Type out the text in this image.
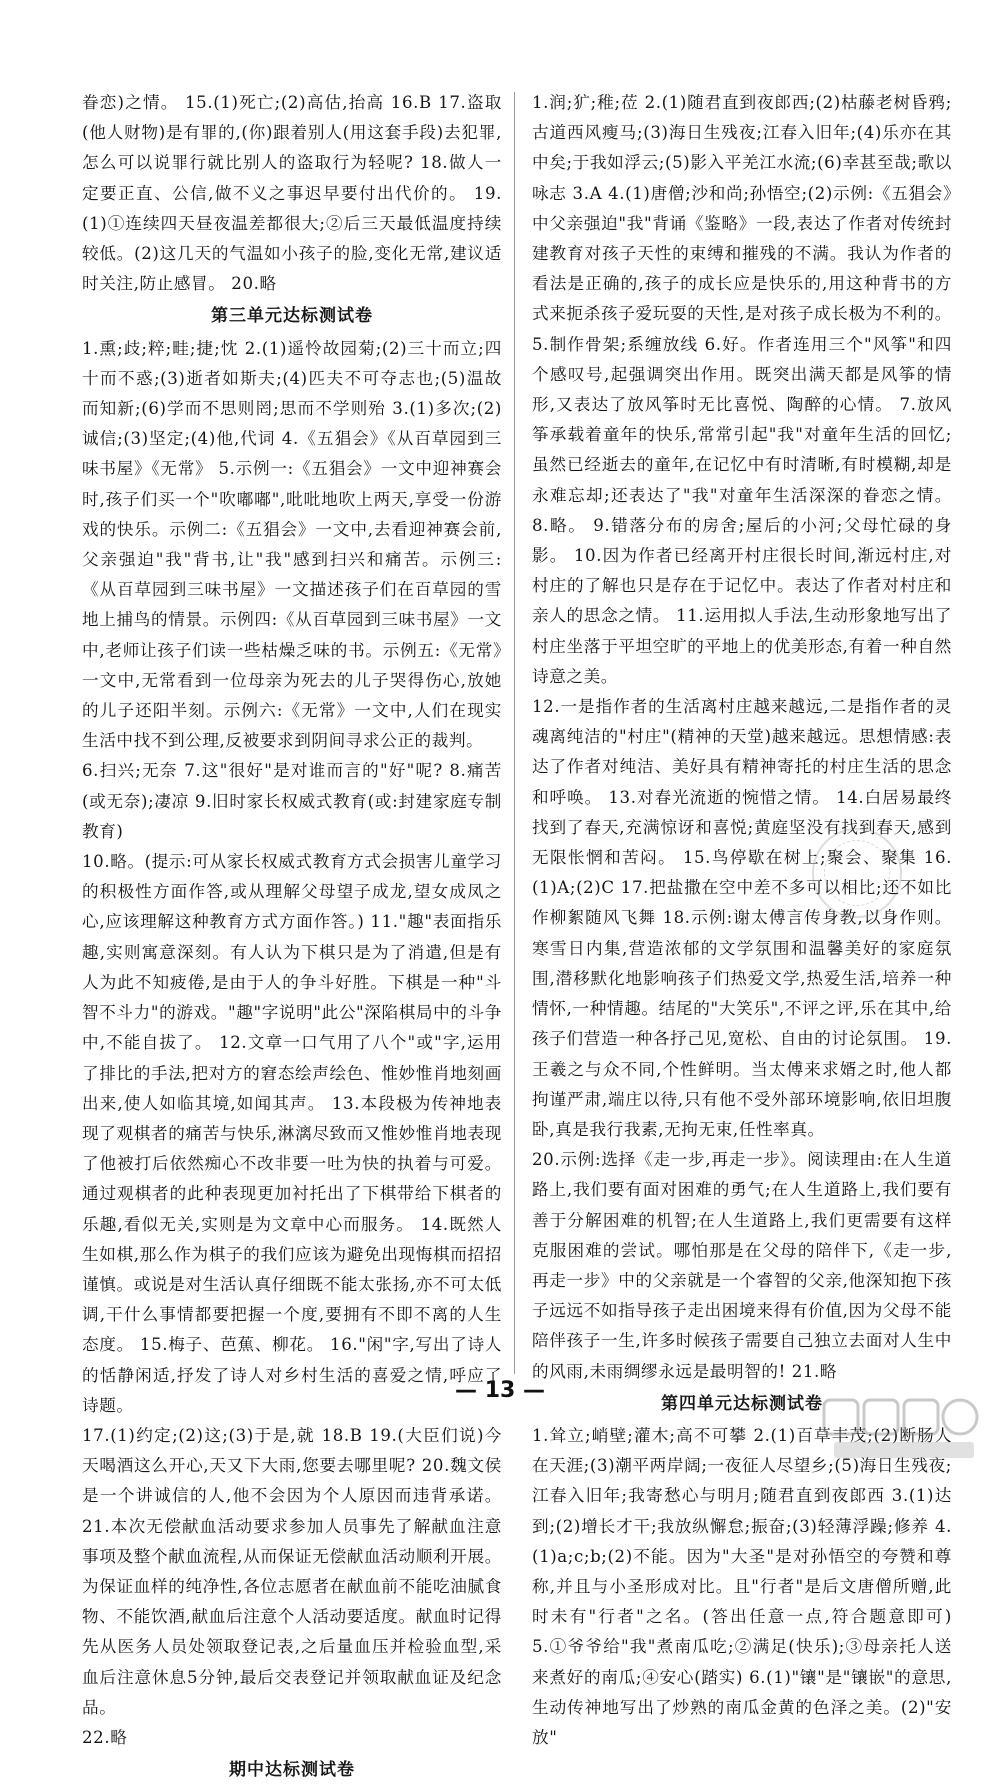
眷恋)之情。 15.(1)死亡;(2)高估,抬高 16.B 17.盗取(他人财物)是有罪的,(你)跟着别人(用这套手段)去犯罪,怎么可以说罪行就比别人的盗取行为轻呢? 18.做人一定要正直、公信,做不义之事迟早要付出代价的。 19.(1)①连续四天昼夜温差都很大;②后三天最低温度持续较低。(2)这几天的气温如小孩子的脸,变化无常,建议适时关注,防止感冒。 20.略

第三单元达标测试卷

1.熏;歧;粹;畦;捷;忱 2.(1)遥怜故园菊;(2)三十而立;四十而不惑;(3)逝者如斯夫;(4)匹夫不可夺志也;(5)温故而知新;(6)学而不思则罔;思而不学则殆 3.(1)多次;(2)诚信;(3)坚定;(4)他,代词 4.《五猖会》《从百草园到三味书屋》《无常》 5.示例一:《五猖会》一文中迎神赛会时,孩子们买一个"吹嘟嘟",吡吡地吹上两天,享受一份游戏的快乐。示例二:《五猖会》一文中,去看迎神赛会前,父亲强迫"我"背书,让"我"感到扫兴和痛苦。示例三:《从百草园到三味书屋》一文描述孩子们在百草园的雪地上捕鸟的情景。示例四:《从百草园到三味书屋》一文中,老师让孩子们读一些枯燥乏味的书。示例五:《无常》一文中,无常看到一位母亲为死去的儿子哭得伤心,放她的儿子还阳半刻。示例六:《无常》一文中,人们在现实生活中找不到公理,反被要求到阴间寻求公正的裁判。

6.扫兴;无奈 7.这"很好"是对谁而言的"好"呢? 8.痛苦(或无奈);凄凉 9.旧时家长权威式教育(或:封建家庭专制教育)

10.略。(提示:可从家长权威式教育方式会损害儿童学习的积极性方面作答,或从理解父母望子成龙,望女成凤之心,应该理解这种教育方式方面作答。) 11."趣"表面指乐趣,实则寓意深刻。有人认为下棋只是为了消遣,但是有人为此不知疲倦,是由于人的争斗好胜。下棋是一种"斗智不斗力"的游戏。"趣"字说明"此公"深陷棋局中的斗争中,不能自拔了。 12.文章一口气用了八个"或"字,运用了排比的手法,把对方的窘态绘声绘色、惟妙惟肖地刻画出来,使人如临其境,如闻其声。 13.本段极为传神地表现了观棋者的痛苦与快乐,淋漓尽致而又惟妙惟肖地表现了他被打后依然痴心不改非要一吐为快的执着与可爱。通过观棋者的此种表现更加衬托出了下棋带给下棋者的乐趣,看似无关,实则是为文章中心而服务。 14.既然人生如棋,那么作为棋子的我们应该为避免出现悔棋而招招谨慎。或说是对生活认真仔细既不能太张扬,亦不可太低调,干什么事情都要把握一个度,要拥有不即不离的人生态度。 15.梅子、芭蕉、柳花。 16."闲"字,写出了诗人的恬静闲适,抒发了诗人对乡村生活的喜爱之情,呼应了诗题。

17.(1)约定;(2)这;(3)于是,就 18.B 19.(大臣们说)今天喝酒这么开心,天又下大雨,您要去哪里呢? 20.魏文侯是一个讲诚信的人,他不会因为个人原因而违背承诺。 21.本次无偿献血活动要求参加人员事先了解献血注意事项及整个献血流程,从而保证无偿献血活动顺利开展。为保证血样的纯净性,各位志愿者在献血前不能吃油腻食物、不能饮酒,献血后注意个人活动要适度。献血时记得先从医务人员处领取登记表,之后量血压并检验血型,采血后注意休息5分钟,最后交表登记并领取献血证及纪念品。

22.略

期中达标测试卷

1.润;犷;稚;莅 2.(1)随君直到夜郎西;(2)枯藤老树昏鸦;古道西风瘦马;(3)海日生残夜;江春入旧年;(4)乐亦在其中矣;于我如浮云;(5)影入平羌江水流;(6)幸甚至哉;歌以咏志 3.A 4.(1)唐僧;沙和尚;孙悟空;(2)示例:《五猖会》中父亲强迫"我"背诵《鉴略》一段,表达了作者对传统封建教育对孩子天性的束缚和摧残的不满。我认为作者的看法是正确的,孩子的成长应是快乐的,用这种背书的方式来扼杀孩子爱玩耍的天性,是对孩子成长极为不利的。 5.制作骨架;系缠放线 6.好。作者连用三个"风筝"和四个感叹号,起强调突出作用。既突出满天都是风筝的情形,又表达了放风筝时无比喜悦、陶醉的心情。 7.放风筝承载着童年的快乐,常常引起"我"对童年生活的回忆;虽然已经逝去的童年,在记忆中有时清晰,有时模糊,却是永难忘却;还表达了"我"对童年生活深深的眷恋之情。 8.略。 9.错落分布的房舍;屋后的小河;父母忙碌的身影。 10.因为作者已经离开村庄很长时间,渐远村庄,对村庄的了解也只是存在于记忆中。表达了作者对村庄和亲人的思念之情。 11.运用拟人手法,生动形象地写出了村庄坐落于平坦空旷的平地上的优美形态,有着一种自然诗意之美。

12.一是指作者的生活离村庄越来越远,二是指作者的灵魂离纯洁的"村庄"(精神的天堂)越来越远。思想情感:表达了作者对纯洁、美好具有精神寄托的村庄生活的思念和呼唤。 13.对春光流逝的惋惜之情。 14.白居易最终找到了春天,充满惊讶和喜悦;黄庭坚没有找到春天,感到无限怅惘和苦闷。 15.鸟停歇在树上;聚会、聚集 16.(1)A;(2)C 17.把盐撒在空中差不多可以相比;还不如比作柳絮随风飞舞 18.示例:谢太傅言传身教,以身作则。寒雪日内集,营造浓郁的文学氛围和温馨美好的家庭氛围,潜移默化地影响孩子们热爱文学,热爱生活,培养一种情怀,一种情趣。结尾的"大笑乐",不评之评,乐在其中,给孩子们营造一种各抒己见,宽松、自由的讨论氛围。 19.王羲之与众不同,个性鲜明。当太傅来求婿之时,他人都拘谨严肃,端庄以待,只有他不受外部环境影响,依旧坦腹卧,真是我行我素,无拘无束,任性率真。

20.示例:选择《走一步,再走一步》。阅读理由:在人生道路上,我们要有面对困难的勇气;在人生道路上,我们要有善于分解困难的机智;在人生道路上,我们更需要有这样克服困难的尝试。哪怕那是在父母的陪伴下,《走一步,再走一步》中的父亲就是一个睿智的父亲,他深知抱下孩子远远不如指导孩子走出困境来得有价值,因为父母不能陪伴孩子一生,许多时候孩子需要自己独立去面对人生中的风雨,未雨绸缪永远是最明智的! 21.略

第四单元达标测试卷

1.耸立;峭壁;灌木;高不可攀 2.(1)百草丰茂;(2)断肠人在天涯;(3)潮平两岸阔;一夜征人尽望乡;(5)海日生残夜;江春入旧年;我寄愁心与明月;随君直到夜郎西 3.(1)达到;(2)增长才干;我放纵懈怠;振奋;(3)轻薄浮躁;修养 4.(1)a;c;b;(2)不能。因为"大圣"是对孙悟空的夸赞和尊称,并且与小圣形成对比。且"行者"是后文唐僧所赠,此时未有"行者"之名。(答出任意一点,符合题意即可) 5.①爷爷给"我"煮南瓜吃;②满足(快乐);③母亲托人送来煮好的南瓜;④安心(踏实) 6.(1)"镶"是"镶嵌"的意思,生动传神地写出了炒熟的南瓜金黄的色泽之美。(2)"安放"

— 13 —
